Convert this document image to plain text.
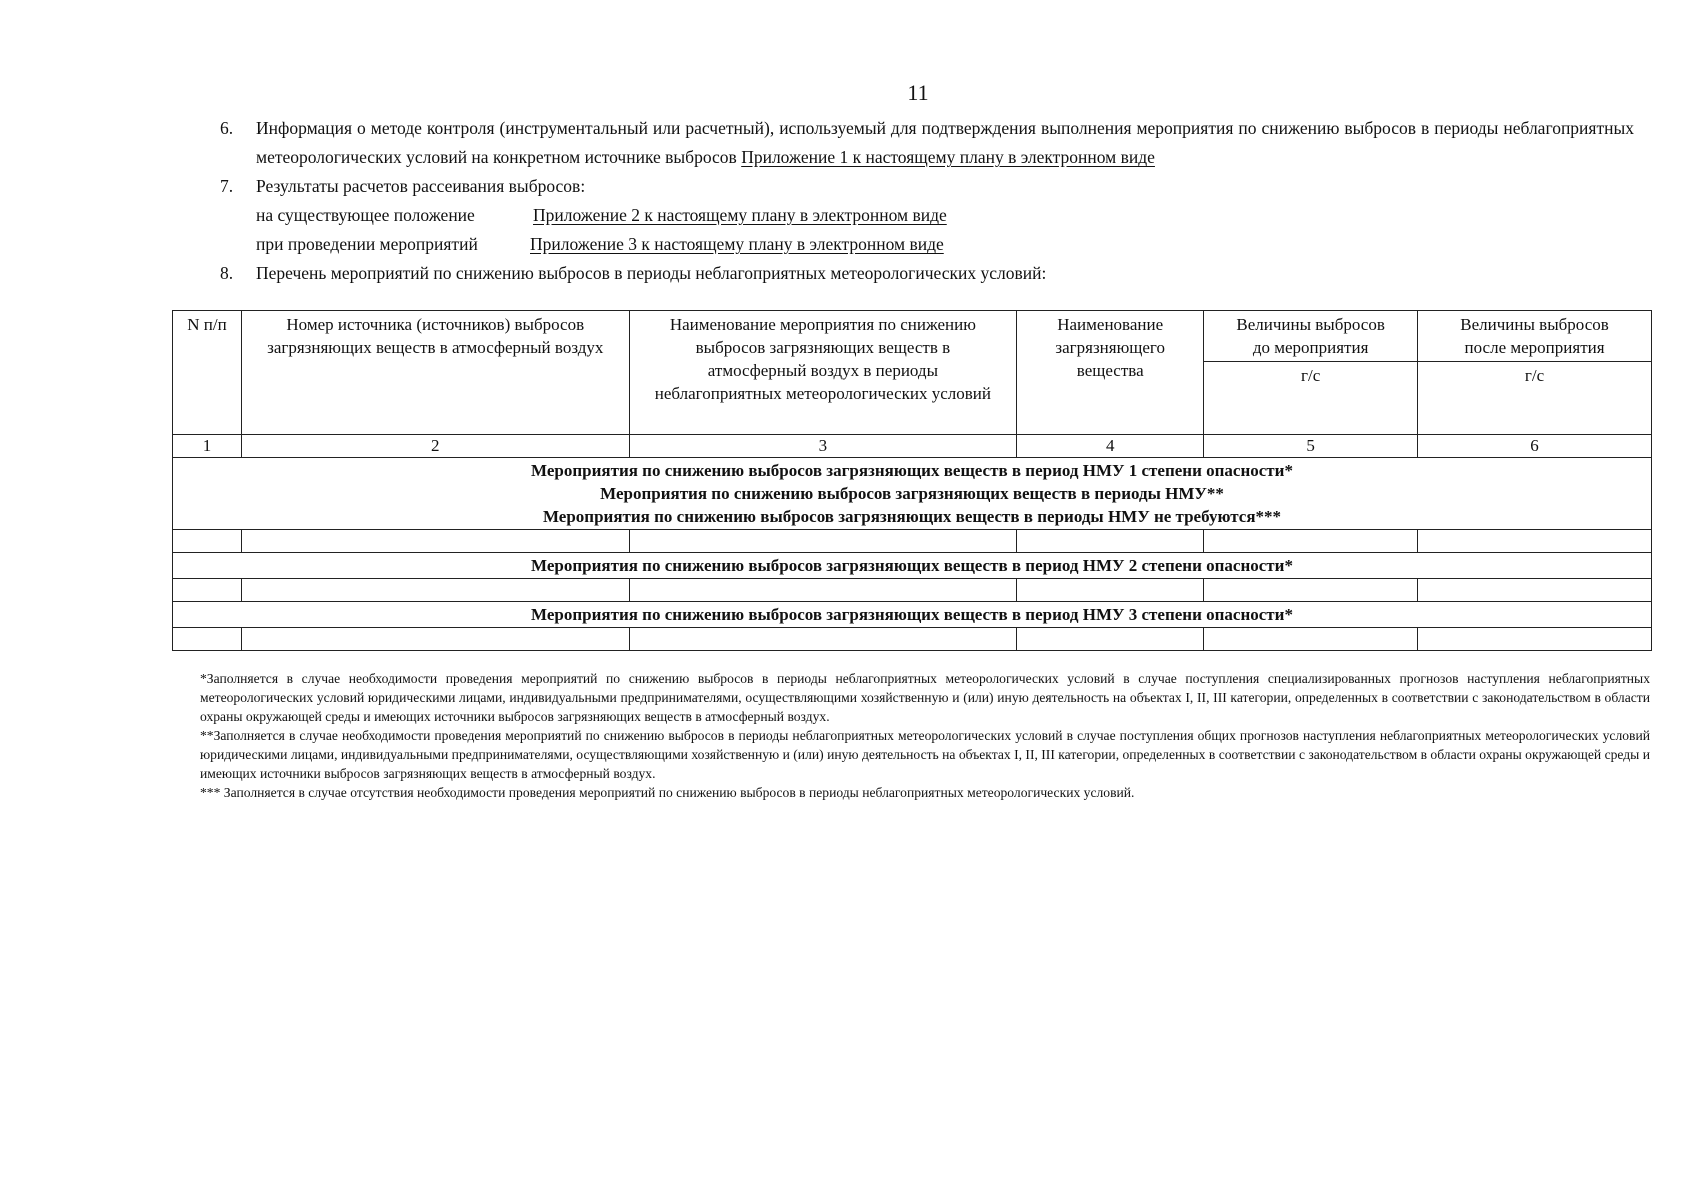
11
6. Информация о методе контроля (инструментальный или расчетный), используемый для подтверждения выполнения мероприятия по снижению выбросов в периоды неблагоприятных метеорологических условий на конкретном источнике выбросов Приложение 1 к настоящему плану в электронном виде
7. Результаты расчетов рассеивания выбросов:
на существующее положение	Приложение 2 к настоящему плану в электронном виде
при проведении мероприятий	Приложение 3 к настоящему плану в электронном виде
8. Перечень мероприятий по снижению выбросов в периоды неблагоприятных метеорологических условий:
N п/п	Номер источника (источников) выбросов загрязняющих веществ в атмосферный воздух	Наименование мероприятия по снижению выбросов загрязняющих веществ в атмосферный воздух в периоды неблагоприятных метеорологических условий	Наименование загрязняющего вещества	Величины выбросов до мероприятия	Величины выбросов после мероприятия
				г/с	г/с
1	2	3	4	5	6

Мероприятия по снижению выбросов загрязняющих веществ в период НМУ 1 степени опасности*
Мероприятия по снижению выбросов загрязняющих веществ в периоды НМУ**
Мероприятия по снижению выбросов загрязняющих веществ в периоды НМУ не требуются***					

Мероприятия по снижению выбросов загрязняющих веществ в период НМУ 2 степени опасности*					

Мероприятия по снижению выбросов загрязняющих веществ в период НМУ 3 степени опасности*					

*Заполняется в случае необходимости проведения мероприятий по снижению выбросов в периоды неблагоприятных метеорологических условий в случае поступления специализированных прогнозов наступления неблагоприятных метеорологических условий юридическими лицами, индивидуальными предпринимателями, осуществляющими хозяйственную и (или) иную деятельность на объектах I, II, III категории, определенных в соответствии с законодательством в области охраны окружающей среды и имеющих источники выбросов загрязняющих веществ в атмосферный воздух.

**Заполняется в случае необходимости проведения мероприятий по снижению выбросов в периоды неблагоприятных метеорологических условий в случае поступления общих прогнозов наступления неблагоприятных метеорологических условий юридическими лицами, индивидуальными предпринимателями, осуществляющими хозяйственную и (или) иную деятельность на объектах I, II, III категории, определенных в соответствии с законодательством в области охраны окружающей среды и имеющих источники выбросов загрязняющих веществ в атмосферный воздух.

*** Заполняется в случае отсутствия необходимости проведения мероприятий по снижению выбросов в периоды неблагоприятных метеорологических условий.
